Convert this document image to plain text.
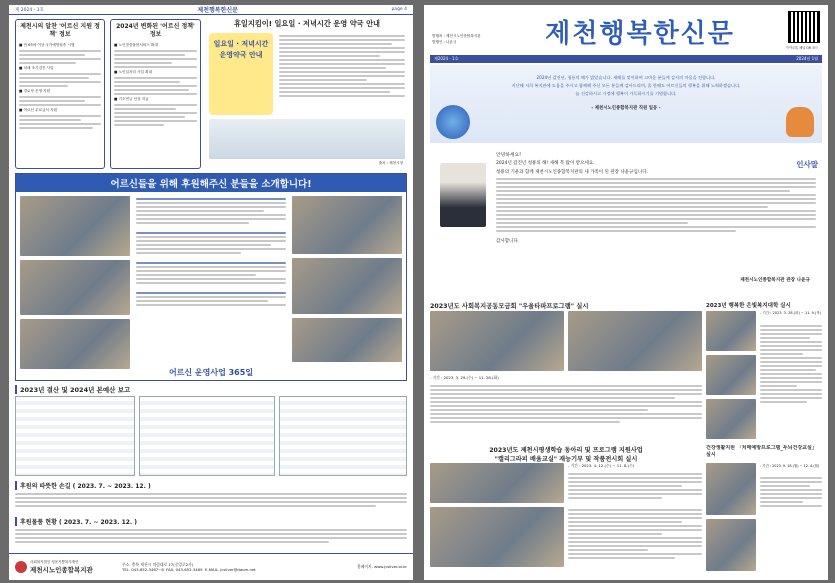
제 2024 - 1호	제천행복한신문	page 4
제천시의 알찬 '어르신 지원 정책' 정보
■ 만 65세 이상 국가예방접종 시행
■ 치매 조기검진 사업
■ 경로당 운영 지원
■ 어르신 무료급식 지원
2024년 변화된 '어르신 정책' 정보
■ 노인맞춤돌봄서비스 확대
■ 노인일자리 사업 확대
■ 기초연금 인상 지급
휴일지킴이! 일요일 · 저녁시간 운영 약국 안내
일요일 · 저녁시간 운영약국 안내
출처 : 제천시청
어르신들을 위해 후원해주신 분들을 소개합니다!
어르신 운영사업 365일
2023년 결산 및 2024년 본예산 보고
후원의 따뜻한 손길 ( 2023. 7. ~ 2023. 12. )
후원물품 현황 ( 2023. 7. ~ 2023. 12. )
사회복지법인 청운기쁨복지재단
제천시노인종합복지관
주소. 충북 제천시 의림대로 17(중앙로2가)
TEL. 043-652-3467~8 FAX. 043-652-3469 E-MAIL. jcsilver@daum.net
홈페이지. www.jcsilver.or.kr
발행처 : 제천시노인종합복지관
발행인 : 나윤규	제천행복한신문	카카오톡 채널 QR 코드
제2024 - 1호	2024년 1월
2024년 갑진년, 청룡의 해가 밝았습니다. 새해를 맞이하여 고마운 분들께 감사의 마음을 전합니다.
지난해 저희 복지관에 도움을 주시고 함께해 주신 모든 분들께 감사드리며, 올 한해도 어르신들의 행복을 위해 노력하겠습니다.
늘 건강하시고 가정에 행복이 가득하시기를 기원합니다.
- 제천시노인종합복지관 직원 일동 -
인사말
안녕하세요!
2024년 갑진년 청룡의 해! 새해 복 많이 받으세요.
청룡의 기운과 함께 제천시노인종합복지관의 새 가족이 된 관장 나윤규입니다.
감사합니다.
제천시노인종합복지관 관장 나윤규
2023년도 사회복지공동모금회 "우울타파프로그램" 실시
- 기간 : 2023. 3. 29.(수) ~ 11. 28.(화)
2023년 행복한 은빛복지대학 실시
- 기간 : 2023. 3. 28.(화) ~ 11. 9.(목)
2023년도 제천시평생학습 동아리 및 프로그램 지원사업
"캘리그라피 배움교실" 재능기부 및 작품전시회 실시
- 기간 : 2023. 4. 12.(수) ~ 11. 8.(수)
건강생활지원 「치매예방프로그램_두뇌건강교실」 실시
- 기간 : 2023. 9. 18.(월) ~ 12. 4.(월)
